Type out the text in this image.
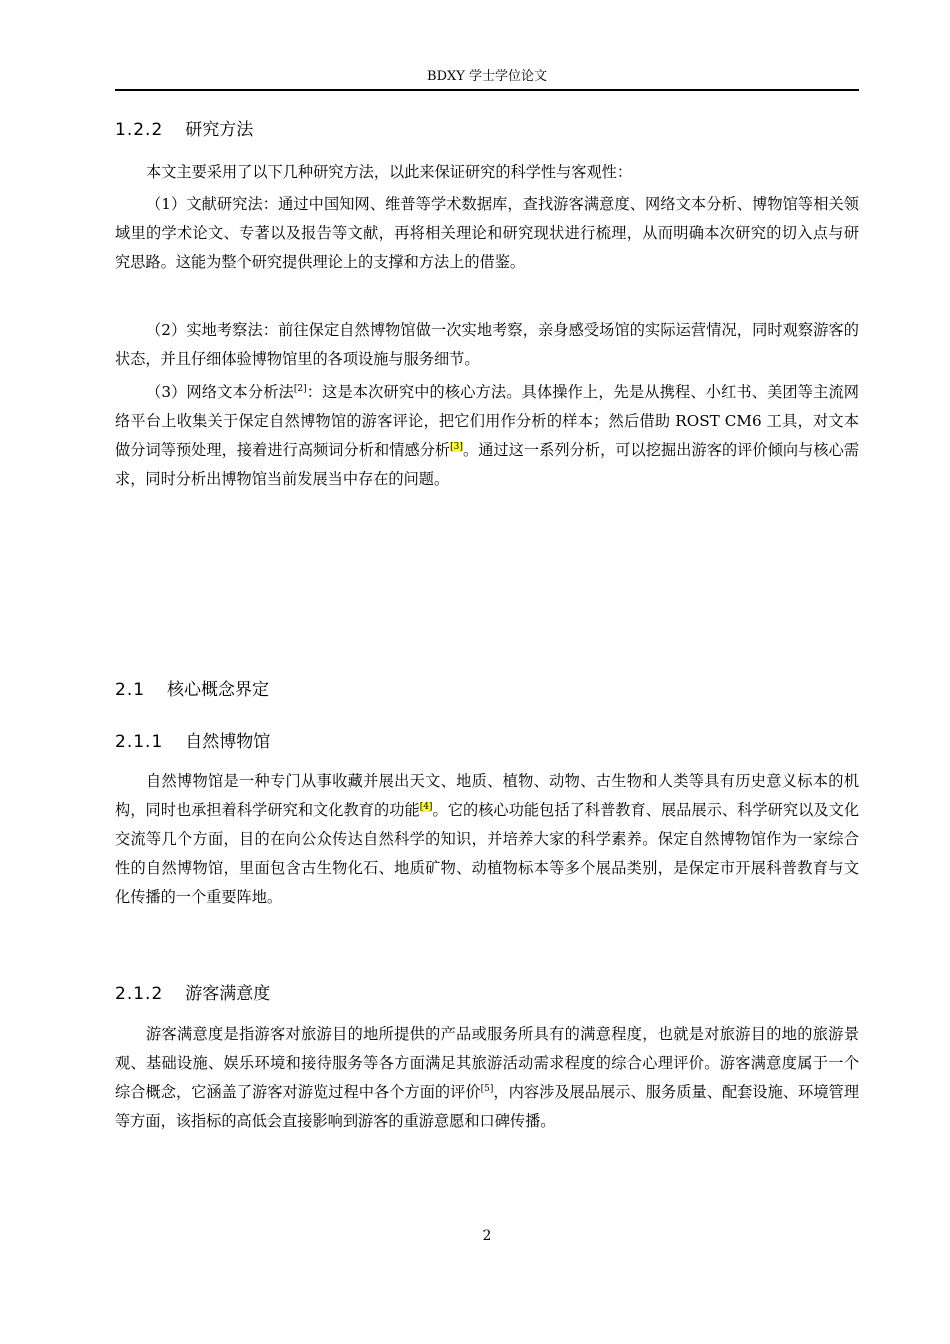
BDXY 学士学位论文
1.2.2 研究方法

本文主要采用了以下几种研究方法，以此来保证研究的科学性与客观性：

（1）文献研究法：通过中国知网、维普等学术数据库，查找游客满意度、网络文本分析、博物馆等相关领域里的学术论文、专著以及报告等文献，再将相关理论和研究现状进行梳理，从而明确本次研究的切入点与研究思路。这能为整个研究提供理论上的支撑和方法上的借鉴。

（2）实地考察法：前往保定自然博物馆做一次实地考察，亲身感受场馆的实际运营情况，同时观察游客的状态，并且仔细体验博物馆里的各项设施与服务细节。

（3）网络文本分析法[2]：这是本次研究中的核心方法。具体操作上，先是从携程、小红书、美团等主流网络平台上收集关于保定自然博物馆的游客评论，把它们用作分析的样本；然后借助 ROST CM6 工具，对文本做分词等预处理，接着进行高频词分析和情感分析[3]。通过这一系列分析，可以挖掘出游客的评价倾向与核心需求，同时分析出博物馆当前发展当中存在的问题。

2.1 核心概念界定
2.1.1 自然博物馆

自然博物馆是一种专门从事收藏并展出天文、地质、植物、动物、古生物和人类等具有历史意义标本的机构，同时也承担着科学研究和文化教育的功能[4]。它的核心功能包括了科普教育、展品展示、科学研究以及文化交流等几个方面，目的在向公众传达自然科学的知识，并培养大家的科学素养。保定自然博物馆作为一家综合性的自然博物馆，里面包含古生物化石、地质矿物、动植物标本等多个展品类别，是保定市开展科普教育与文化传播的一个重要阵地。

2.1.2 游客满意度

游客满意度是指游客对旅游目的地所提供的产品或服务所具有的满意程度，也就是对旅游目的地的旅游景观、基础设施、娱乐环境和接待服务等各方面满足其旅游活动需求程度的综合心理评价。游客满意度属于一个综合概念，它涵盖了游客对游览过程中各个方面的评价[5]，内容涉及展品展示、服务质量、配套设施、环境管理等方面，该指标的高低会直接影响到游客的重游意愿和口碑传播。

2
